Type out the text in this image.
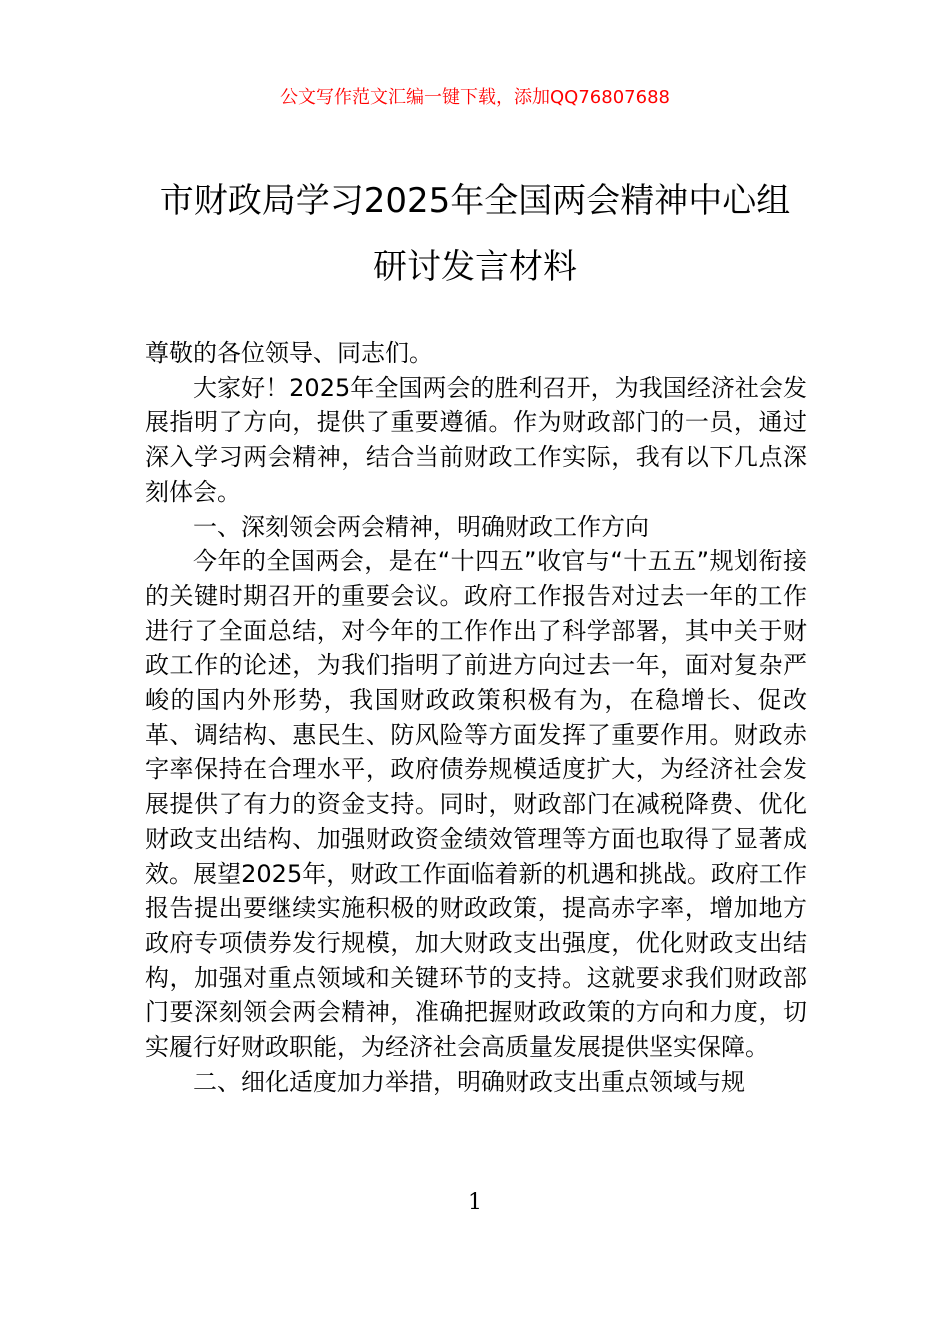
公文写作范文汇编一键下载，添加QQ76807688
市财政局学习2025年全国两会精神中心组
研讨发言材料

尊敬的各位领导、同志们。

大家好！2025年全国两会的胜利召开，为我国经济社会发展指明了方向，提供了重要遵循。作为财政部门的一员，通过深入学习两会精神，结合当前财政工作实际，我有以下几点深刻体会。

一、深刻领会两会精神，明确财政工作方向

今年的全国两会，是在“十四五”收官与“十五五”规划衔接的关键时期召开的重要会议。政府工作报告对过去一年的工作进行了全面总结，对今年的工作作出了科学部署，其中关于财政工作的论述，为我们指明了前进方向过去一年，面对复杂严峻的国内外形势，我国财政政策积极有为，在稳增长、促改革、调结构、惠民生、防风险等方面发挥了重要作用。财政赤字率保持在合理水平，政府债券规模适度扩大，为经济社会发展提供了有力的资金支持。同时，财政部门在减税降费、优化财政支出结构、加强财政资金绩效管理等方面也取得了显著成效。展望2025年，财政工作面临着新的机遇和挑战。政府工作报告提出要继续实施积极的财政政策，提高赤字率，增加地方政府专项债券发行规模，加大财政支出强度，优化财政支出结构，加强对重点领域和关键环节的支持。这就要求我们财政部门要深刻领会两会精神，准确把握财政政策的方向和力度，切实履行好财政职能，为经济社会高质量发展提供坚实保障。

二、细化适度加力举措，明确财政支出重点领域与规

1
